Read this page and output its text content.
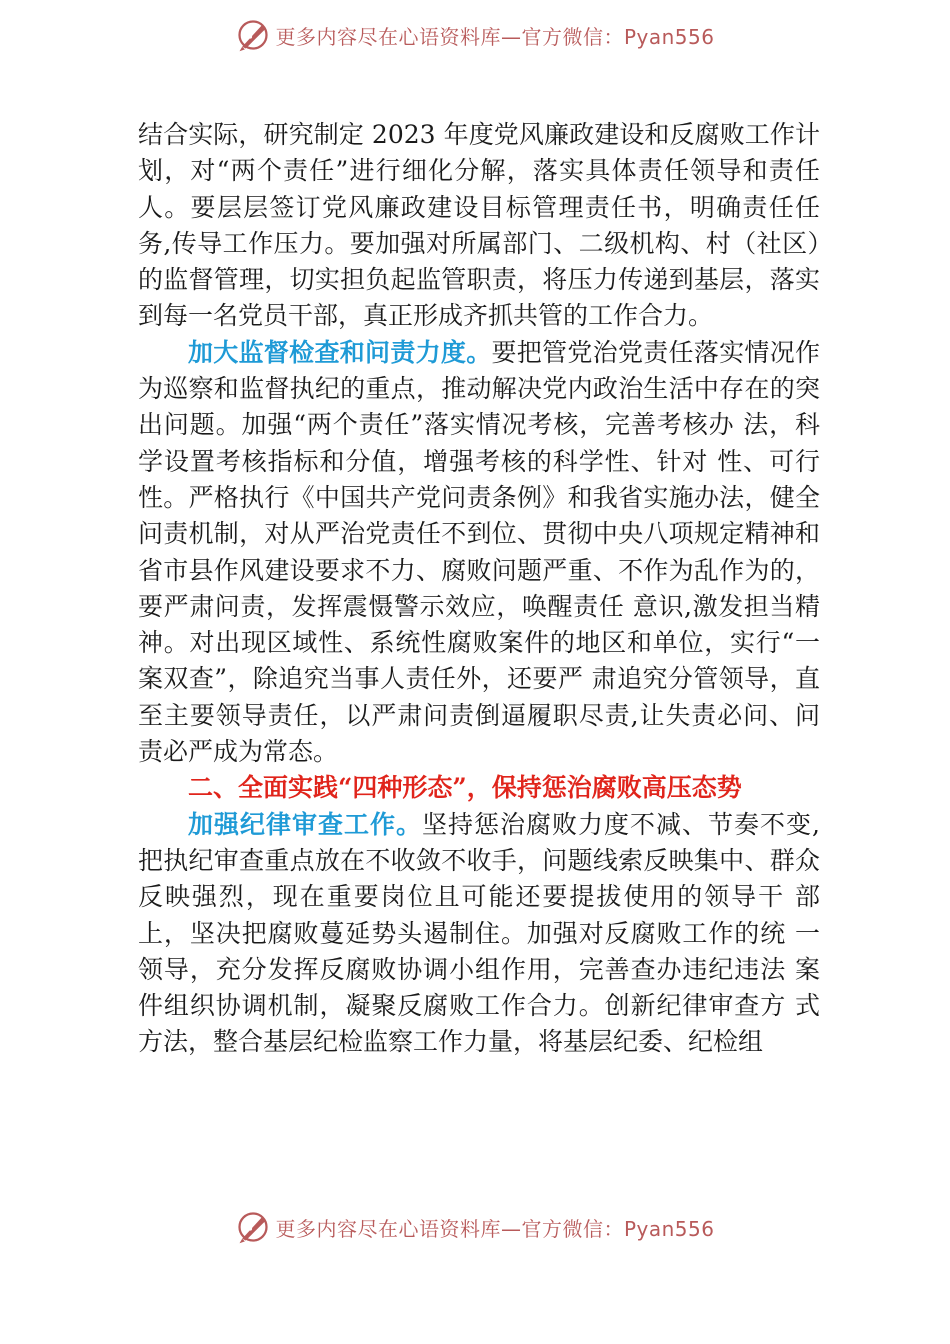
更多内容尽在心语资料库—官方微信：Pyan556

结合实际，研究制定 2023 年度党风廉政建设和反腐败工作计划，对“两个责任”进行细化分解，落实具体责任领导和责任人。要层层签订党风廉政建设目标管理责任书，明确责任任务,传导工作压力。要加强对所属部门、二级机构、村（社区）的监督管理，切实担负起监管职责，将压力传递到基层，落实到每一名党员干部，真正形成齐抓共管的工作合力。

加大监督检查和问责力度。要把管党治党责任落实情况作为巡察和监督执纪的重点，推动解决党内政治生活中存在的突出问题。加强“两个责任”落实情况考核，完善考核办 法，科学设置考核指标和分值，增强考核的科学性、针对 性、可行性。严格执行《中国共产党问责条例》和我省实施办法，健全问责机制，对从严治党责任不到位、贯彻中央八项规定精神和省市县作风建设要求不力、腐败问题严重、不作为乱作为的，要严肃问责，发挥震慑警示效应，唤醒责任 意识,激发担当精神。对出现区域性、系统性腐败案件的地区和单位，实行“一案双查”，除追究当事人责任外，还要严 肃追究分管领导，直至主要领导责任，以严肃问责倒逼履职尽责,让失责必问、问责必严成为常态。

二、全面实践“四种形态”，保持惩治腐败高压态势

加强纪律审查工作。坚持惩治腐败力度不减、节奏不变,把执纪审查重点放在不收敛不收手，问题线索反映集中、群众反映强烈，现在重要岗位且可能还要提拔使用的领导干 部上，坚决把腐败蔓延势头遏制住。加强对反腐败工作的统 一领导，充分发挥反腐败协调小组作用，完善查办违纪违法 案件组织协调机制，凝聚反腐败工作合力。创新纪律审查方 式方法，整合基层纪检监察工作力量，将基层纪委、纪检组

更多内容尽在心语资料库—官方微信：Pyan556
